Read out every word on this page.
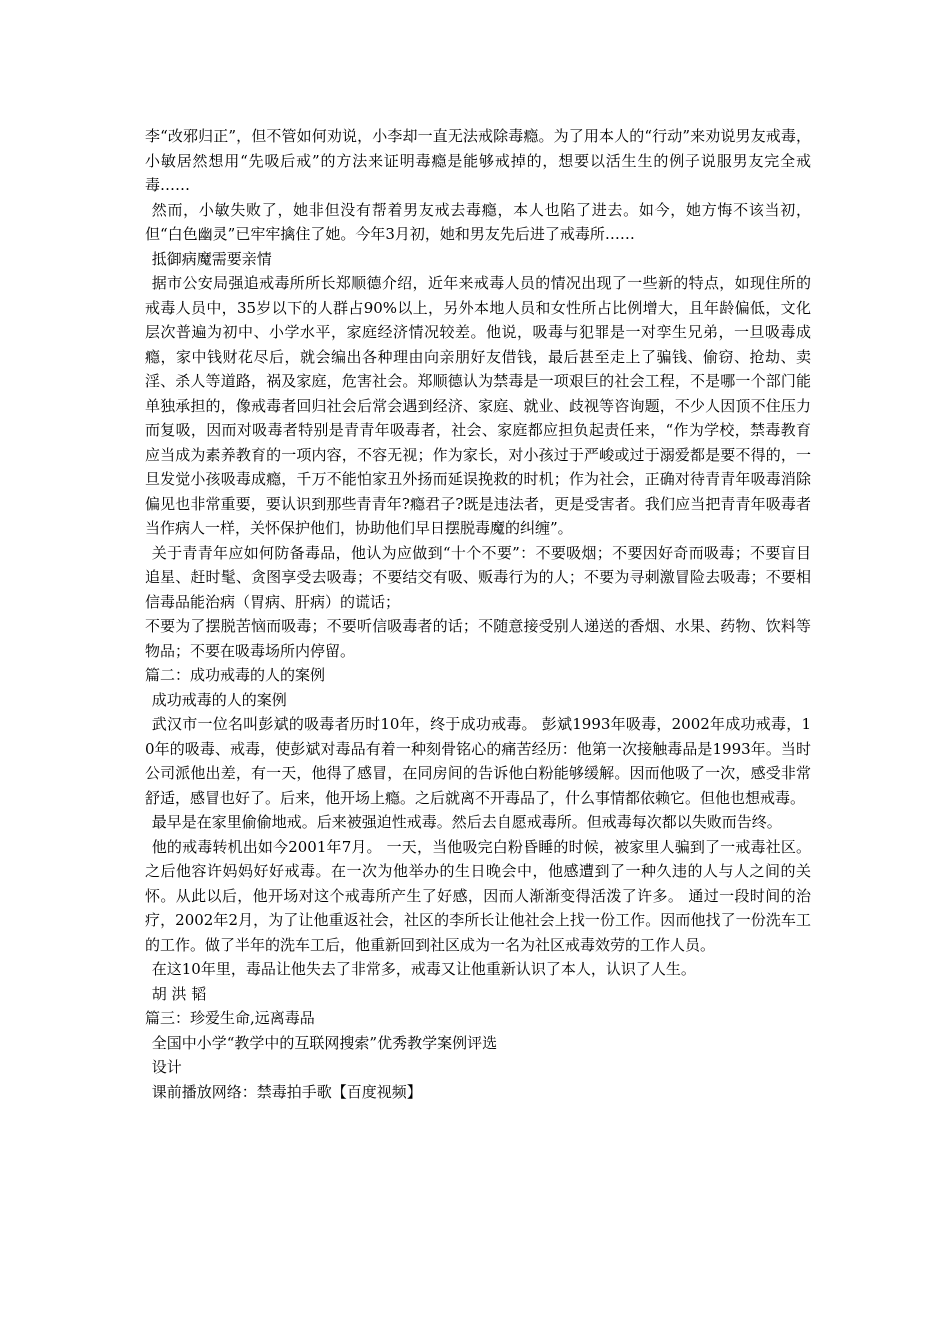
李“改邪归正”，但不管如何劝说，小李却一直无法戒除毒瘾。为了用本人的“行动”来劝说男友戒毒，小敏居然想用“先吸后戒”的方法来证明毒瘾是能够戒掉的，想要以活生生的例子说服男友完全戒毒……

然而，小敏失败了，她非但没有帮着男友戒去毒瘾，本人也陷了进去。如今，她方悔不该当初，但“白色幽灵”已牢牢擒住了她。今年3月初，她和男友先后进了戒毒所……

抵御病魔需要亲情

据市公安局强追戒毒所所长郑顺德介绍，近年来戒毒人员的情况出现了一些新的特点，如现住所的戒毒人员中，35岁以下的人群占90%以上，另外本地人员和女性所占比例增大，且年龄偏低，文化层次普遍为初中、小学水平，家庭经济情况较差。他说，吸毒与犯罪是一对孪生兄弟，一旦吸毒成瘾，家中钱财花尽后，就会编出各种理由向亲朋好友借钱，最后甚至走上了骗钱、偷窃、抢劫、卖淫、杀人等道路，祸及家庭，危害社会。郑顺德认为禁毒是一项艰巨的社会工程，不是哪一个部门能单独承担的，像戒毒者回归社会后常会遇到经济、家庭、就业、歧视等咨询题，不少人因顶不住压力而复吸，因而对吸毒者特别是青青年吸毒者，社会、家庭都应担负起责任来，“作为学校，禁毒教育应当成为素养教育的一项内容，不容无视；作为家长，对小孩过于严峻或过于溺爱都是要不得的，一旦发觉小孩吸毒成瘾，千万不能怕家丑外扬而延误挽救的时机；作为社会，正确对待青青年吸毒消除偏见也非常重要，要认识到那些青青年?瘾君子?既是违法者，更是受害者。我们应当把青青年吸毒者当作病人一样，关怀保护他们，协助他们早日摆脱毒魔的纠缠”。

关于青青年应如何防备毒品，他认为应做到“十个不要”：不要吸烟；不要因好奇而吸毒；不要盲目追星、赶时髦、贪图享受去吸毒；不要结交有吸、贩毒行为的人；不要为寻刺激冒险去吸毒；不要相信毒品能治病（胃病、肝病）的谎话；

不要为了摆脱苦恼而吸毒；不要听信吸毒者的话；不随意接受别人递送的香烟、水果、药物、饮料等物品；不要在吸毒场所内停留。

篇二：成功戒毒的人的案例

成功戒毒的人的案例

武汉市一位名叫彭斌的吸毒者历时10年，终于成功戒毒。 彭斌1993年吸毒，2002年成功戒毒，10年的吸毒、戒毒，使彭斌对毒品有着一种刻骨铭心的痛苦经历：他第一次接触毒品是1993年。当时公司派他出差，有一天，他得了感冒，在同房间的告诉他白粉能够缓解。因而他吸了一次，感受非常舒适，感冒也好了。后来，他开场上瘾。之后就离不开毒品了，什么事情都依赖它。但他也想戒毒。

最早是在家里偷偷地戒。后来被强迫性戒毒。然后去自愿戒毒所。但戒毒每次都以失败而告终。

他的戒毒转机出如今2001年7月。 一天，当他吸完白粉昏睡的时候，被家里人骗到了一戒毒社区。之后他容许妈妈好好戒毒。在一次为他举办的生日晚会中，他感遭到了一种久违的人与人之间的关怀。从此以后，他开场对这个戒毒所产生了好感，因而人渐渐变得活泼了许多。 通过一段时间的治疗，2002年2月，为了让他重返社会，社区的李所长让他社会上找一份工作。因而他找了一份洗车工的工作。做了半年的洗车工后，他重新回到社区成为一名为社区戒毒效劳的工作人员。

在这10年里，毒品让他失去了非常多，戒毒又让他重新认识了本人，认识了人生。

胡 洪 韬

篇三：珍爱生命,远离毒品

全国中小学“教学中的互联网搜索”优秀教学案例评选

设计

课前播放网络：禁毒拍手歌【百度视频】
